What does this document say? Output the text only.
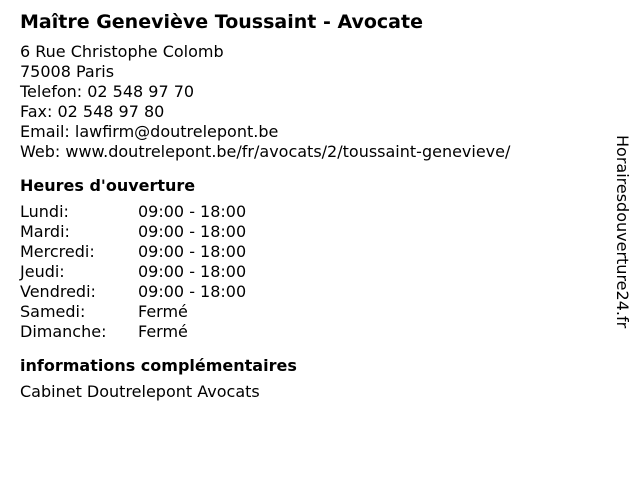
Maître Geneviève Toussaint - Avocate
6 Rue Christophe Colomb
75008 Paris
Telefon: 02 548 97 70
Fax: 02 548 97 80
Email: lawfirm@doutrelepont.be
Web: www.doutrelepont.be/fr/avocats/2/toussaint-genevieve/
Heures d'ouverture
Lundi:	09:00 - 18:00
Mardi:	09:00 - 18:00
Mercredi:	09:00 - 18:00
Jeudi:	09:00 - 18:00
Vendredi:	09:00 - 18:00
Samedi:	Fermé
Dimanche:	Fermé
informations complémentaires
Cabinet Doutrelepont Avocats
Horairesdouverture24.fr
